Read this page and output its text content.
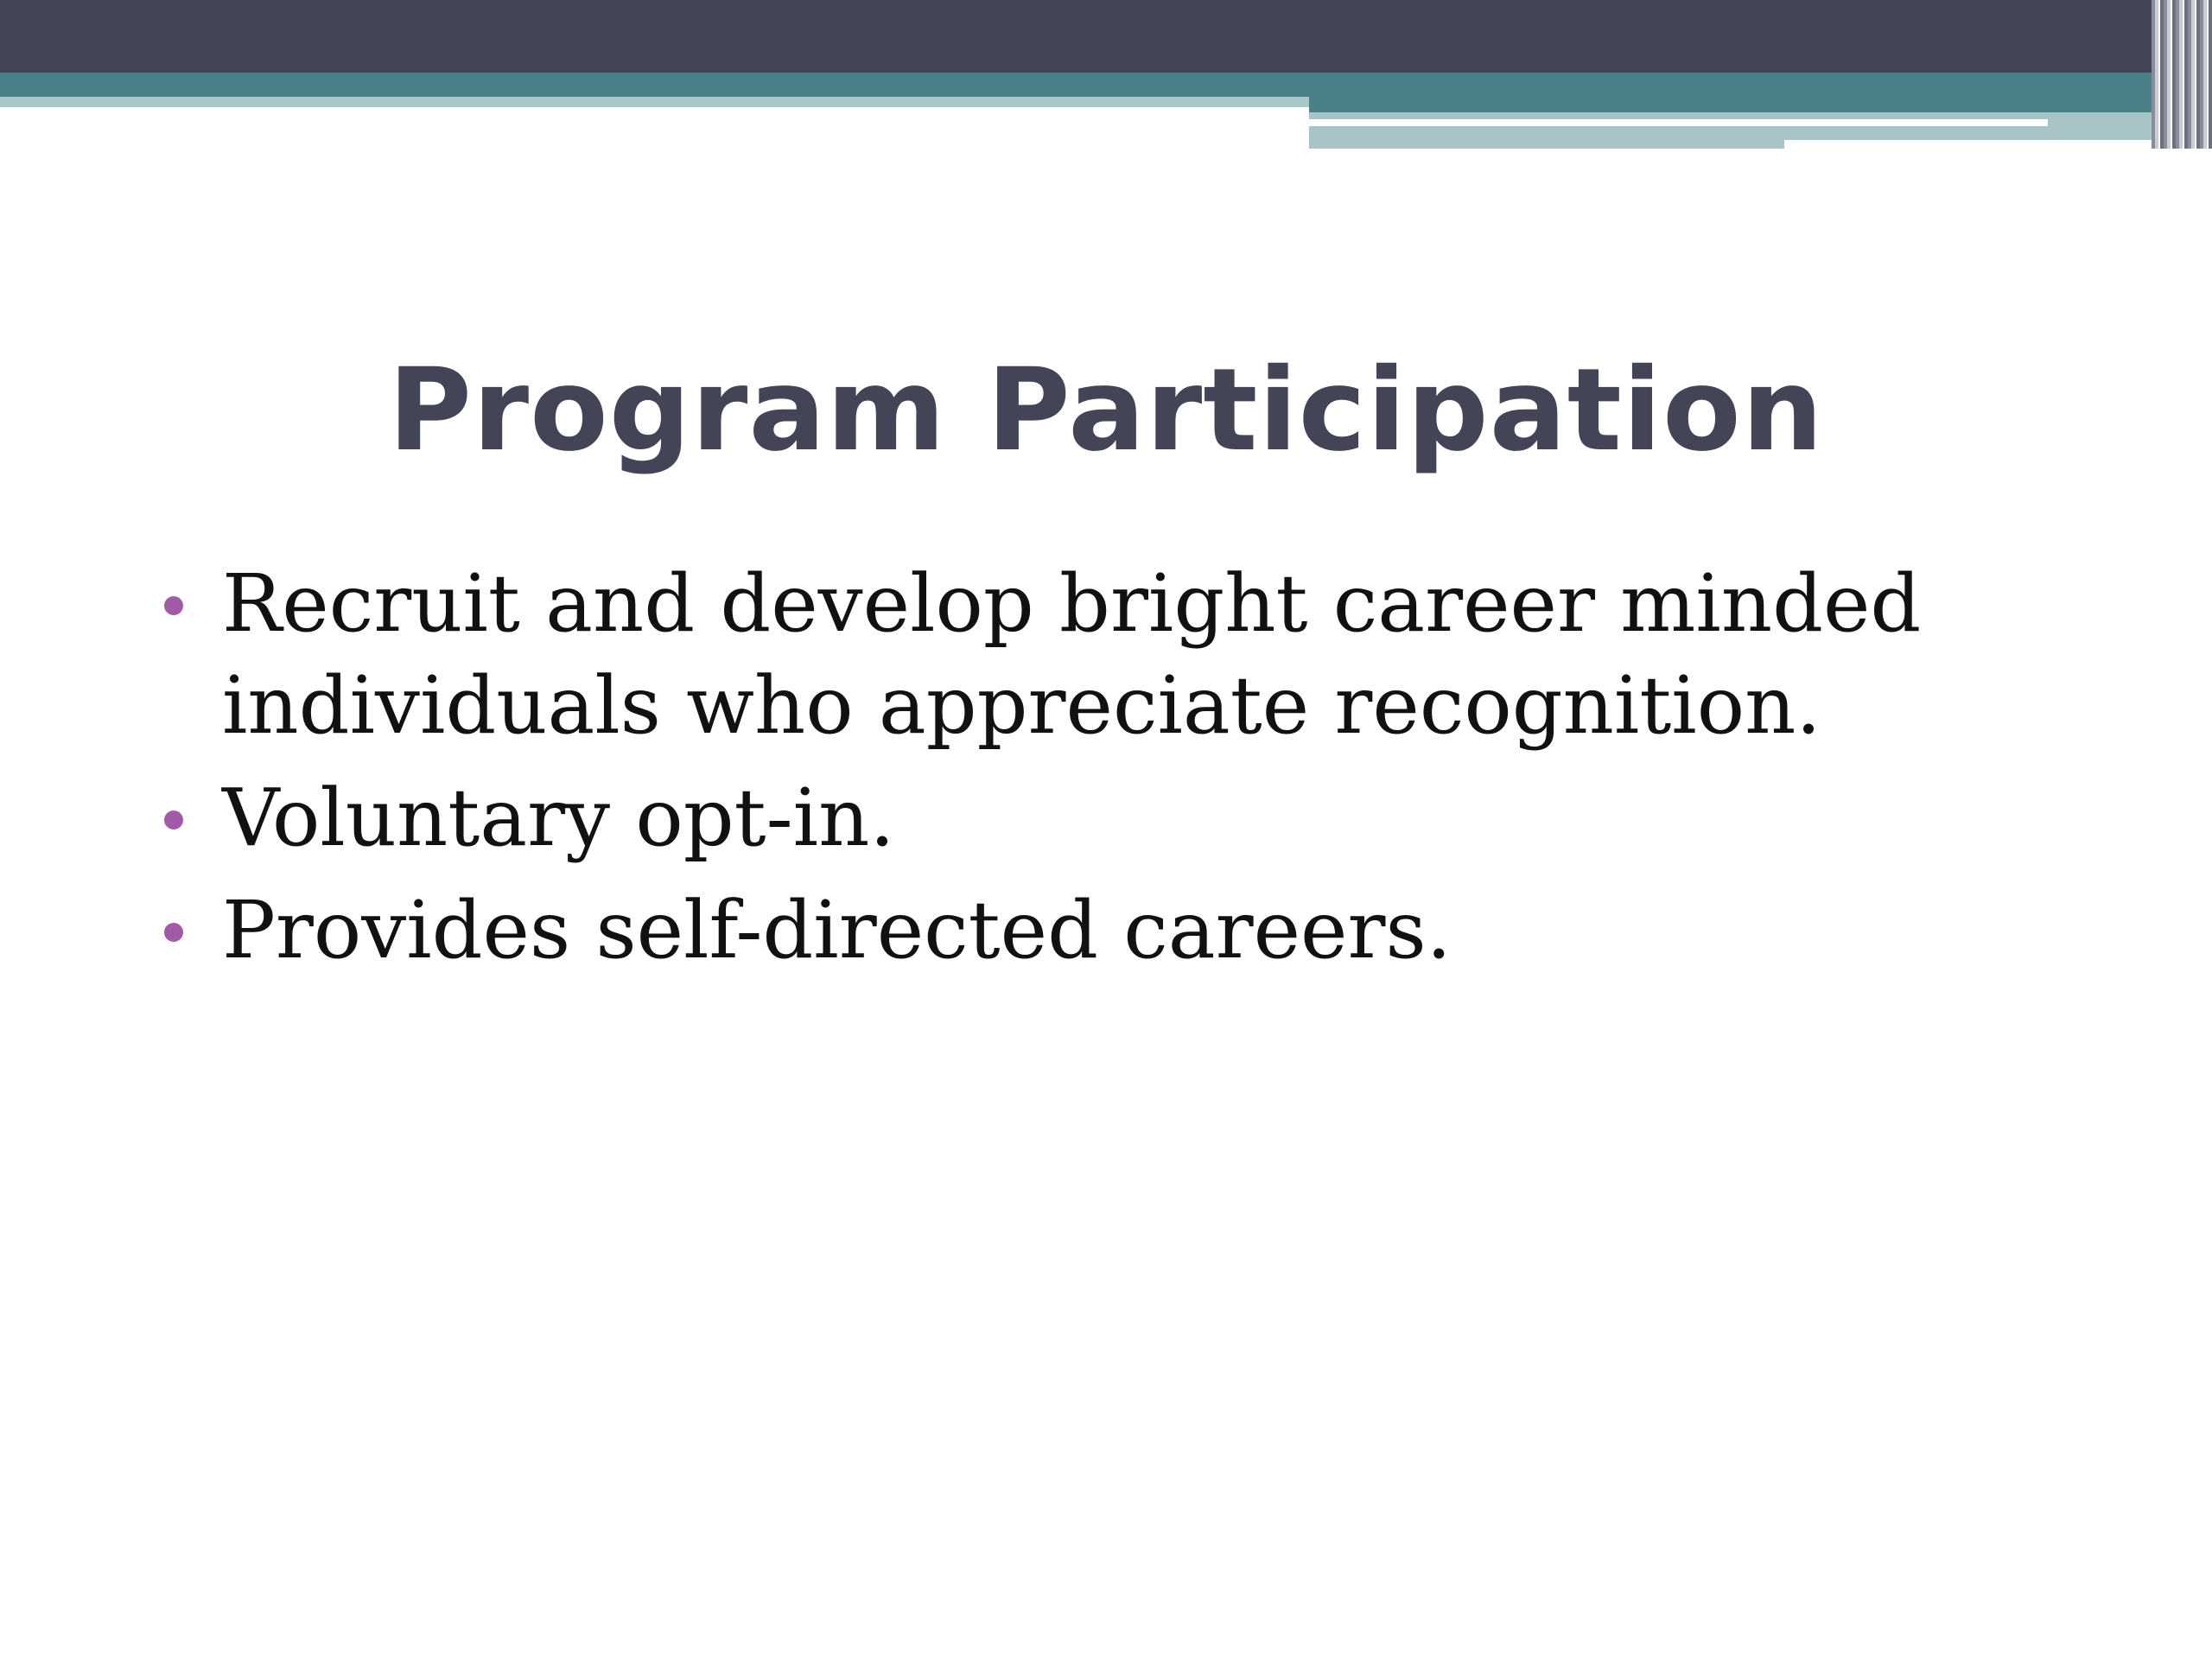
Program Participation
Recruit and develop bright career minded individuals who appreciate recognition.
Voluntary opt-in.
Provides self-directed careers.
